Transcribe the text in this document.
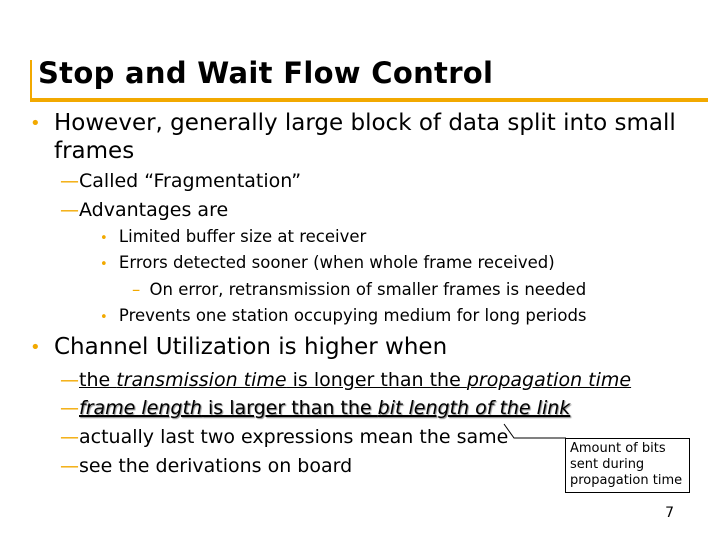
Stop and Wait Flow Control
• However, generally large block of data split into small
frames
—Called “Fragmentation”
—Advantages are
• Limited buffer size at receiver
• Errors detected sooner (when whole frame received)
– On error, retransmission of smaller frames is needed
• Prevents one station occupying medium for long periods
• Channel Utilization is higher when
—the transmission time is longer than the propagation time
—frame length is larger than the bit length of the link
—actually last two expressions mean the same
—see the derivations on board
Amount of bits
sent during
propagation time
7
